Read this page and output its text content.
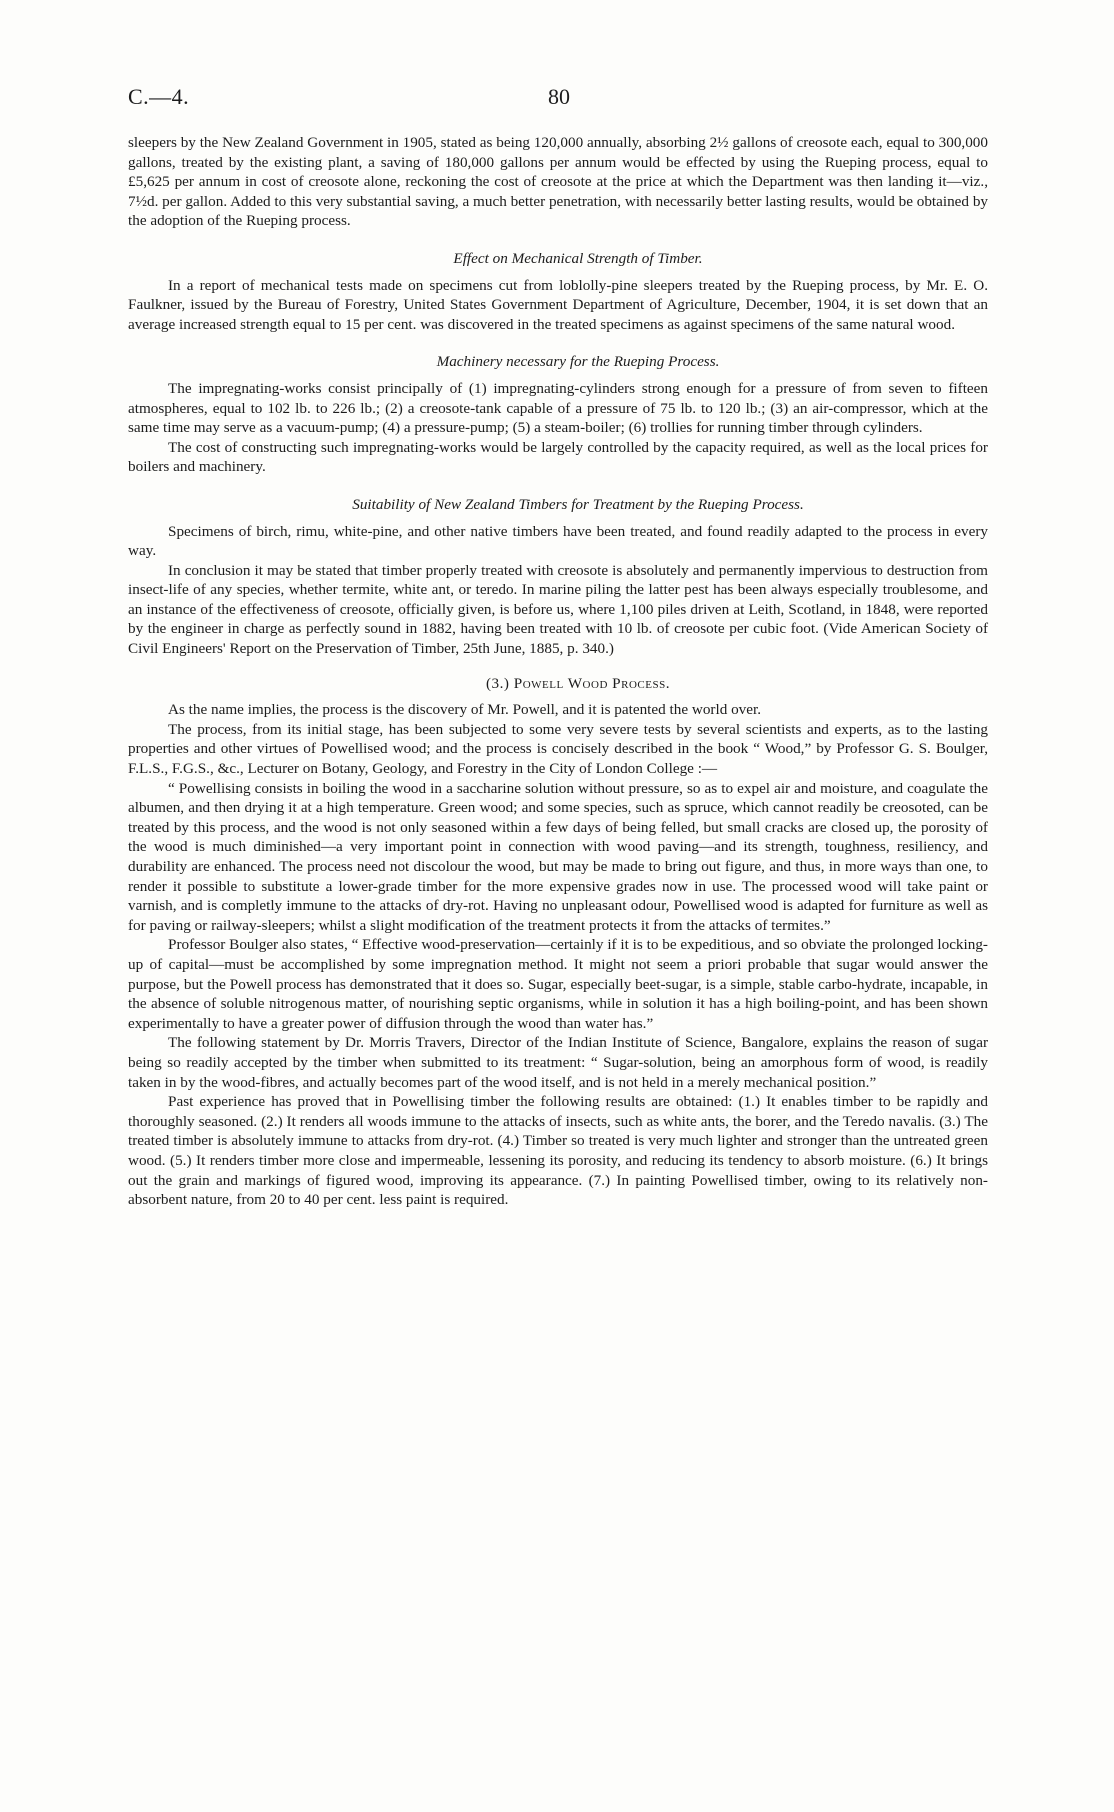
C.—4.	80

sleepers by the New Zealand Government in 1905, stated as being 120,000 annually, absorbing 2½ gallons of creosote each, equal to 300,000 gallons, treated by the existing plant, a saving of 180,000 gallons per annum would be effected by using the Rueping process, equal to £5,625 per annum in cost of creosote alone, reckoning the cost of creosote at the price at which the Department was then landing it—viz., 7½d. per gallon. Added to this very substantial saving, a much better penetration, with necessarily better lasting results, would be obtained by the adoption of the Rueping process.

Effect on Mechanical Strength of Timber.

In a report of mechanical tests made on specimens cut from loblolly-pine sleepers treated by the Rueping process, by Mr. E. O. Faulkner, issued by the Bureau of Forestry, United States Government Department of Agriculture, December, 1904, it is set down that an average increased strength equal to 15 per cent. was discovered in the treated specimens as against specimens of the same natural wood.

Machinery necessary for the Rueping Process.

The impregnating-works consist principally of (1) impregnating-cylinders strong enough for a pressure of from seven to fifteen atmospheres, equal to 102 lb. to 226 lb.; (2) a creosote-tank capable of a pressure of 75 lb. to 120 lb.; (3) an air-compressor, which at the same time may serve as a vacuum-pump; (4) a pressure-pump; (5) a steam-boiler; (6) trollies for running timber through cylinders.

The cost of constructing such impregnating-works would be largely controlled by the capacity required, as well as the local prices for boilers and machinery.

Suitability of New Zealand Timbers for Treatment by the Rueping Process.

Specimens of birch, rimu, white-pine, and other native timbers have been treated, and found readily adapted to the process in every way.

In conclusion it may be stated that timber properly treated with creosote is absolutely and permanently impervious to destruction from insect-life of any species, whether termite, white ant, or teredo. In marine piling the latter pest has been always especially troublesome, and an instance of the effectiveness of creosote, officially given, is before us, where 1,100 piles driven at Leith, Scotland, in 1848, were reported by the engineer in charge as perfectly sound in 1882, having been treated with 10 lb. of creosote per cubic foot. (Vide American Society of Civil Engineers' Report on the Preservation of Timber, 25th June, 1885, p. 340.)

(3.) Powell Wood Process.

As the name implies, the process is the discovery of Mr. Powell, and it is patented the world over.

The process, from its initial stage, has been subjected to some very severe tests by several scientists and experts, as to the lasting properties and other virtues of Powellised wood; and the process is concisely described in the book “ Wood,” by Professor G. S. Boulger, F.L.S., F.G.S., &c., Lecturer on Botany, Geology, and Forestry in the City of London College :—

“ Powellising consists in boiling the wood in a saccharine solution without pressure, so as to expel air and moisture, and coagulate the albumen, and then drying it at a high temperature. Green wood; and some species, such as spruce, which cannot readily be creosoted, can be treated by this process, and the wood is not only seasoned within a few days of being felled, but small cracks are closed up, the porosity of the wood is much diminished—a very important point in connection with wood paving—and its strength, toughness, resiliency, and durability are enhanced. The process need not discolour the wood, but may be made to bring out figure, and thus, in more ways than one, to render it possible to substitute a lower-grade timber for the more expensive grades now in use. The processed wood will take paint or varnish, and is completly immune to the attacks of dry-rot. Having no unpleasant odour, Powellised wood is adapted for furniture as well as for paving or railway-sleepers; whilst a slight modification of the treatment protects it from the attacks of termites.”

Professor Boulger also states, “ Effective wood-preservation—certainly if it is to be expeditious, and so obviate the prolonged locking-up of capital—must be accomplished by some impregnation method. It might not seem a priori probable that sugar would answer the purpose, but the Powell process has demonstrated that it does so. Sugar, especially beet-sugar, is a simple, stable carbo-hydrate, incapable, in the absence of soluble nitrogenous matter, of nourishing septic organisms, while in solution it has a high boiling-point, and has been shown experimentally to have a greater power of diffusion through the wood than water has.”

The following statement by Dr. Morris Travers, Director of the Indian Institute of Science, Bangalore, explains the reason of sugar being so readily accepted by the timber when submitted to its treatment: “ Sugar-solution, being an amorphous form of wood, is readily taken in by the wood-fibres, and actually becomes part of the wood itself, and is not held in a merely mechanical position.”

Past experience has proved that in Powellising timber the following results are obtained: (1.) It enables timber to be rapidly and thoroughly seasoned. (2.) It renders all woods immune to the attacks of insects, such as white ants, the borer, and the Teredo navalis. (3.) The treated timber is absolutely immune to attacks from dry-rot. (4.) Timber so treated is very much lighter and stronger than the untreated green wood. (5.) It renders timber more close and impermeable, lessening its porosity, and reducing its tendency to absorb moisture. (6.) It brings out the grain and markings of figured wood, improving its appearance. (7.) In painting Powellised timber, owing to its relatively non-absorbent nature, from 20 to 40 per cent. less paint is required.
